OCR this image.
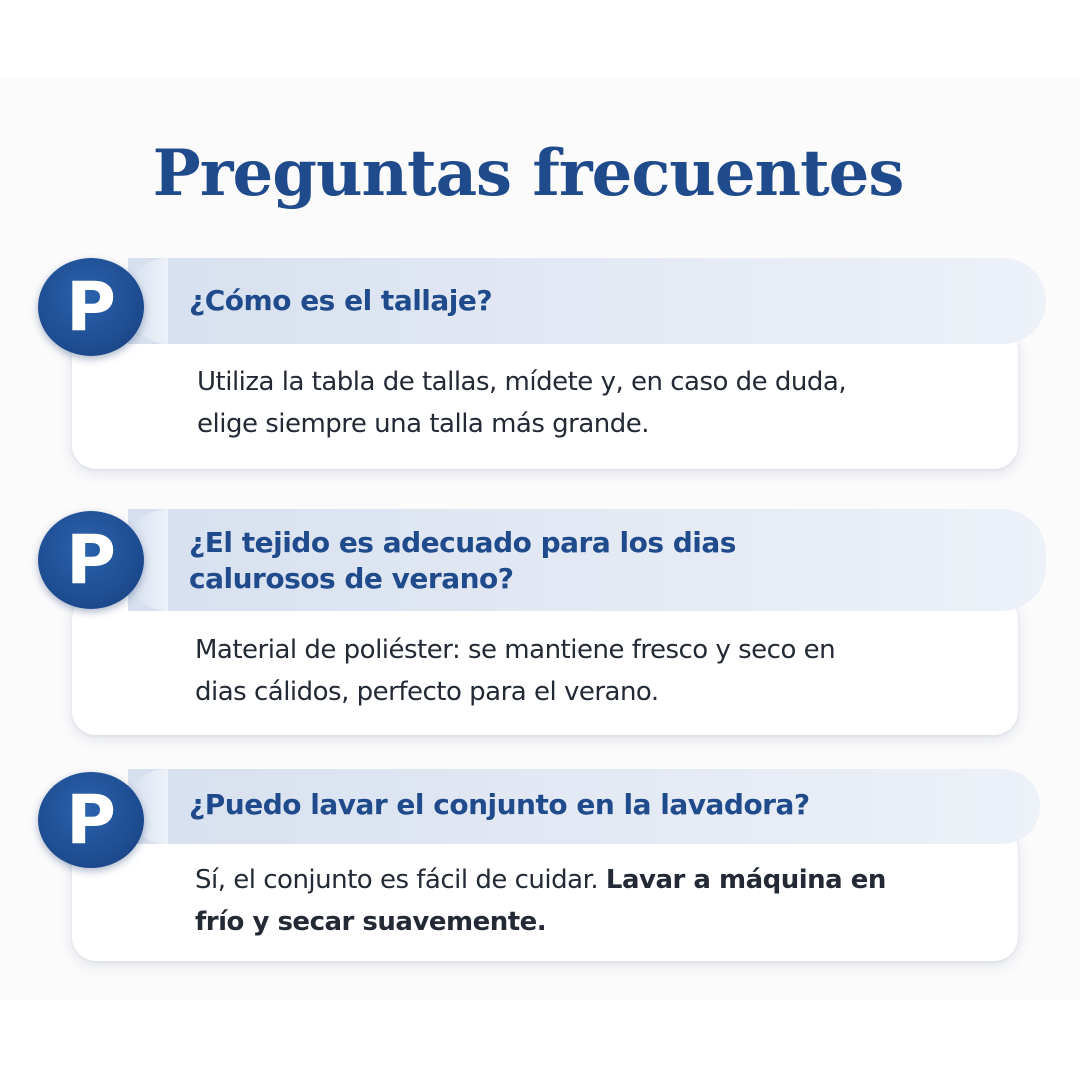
Preguntas frecuentes
¿Cómo es el tallaje?
P
Utiliza la tabla de tallas, mídete y, en caso de duda,
elige siempre una talla más grande.
¿El tejido es adecuado para los dias
calurosos de verano?
P
Material de poliéster: se mantiene fresco y seco en
dias cálidos, perfecto para el verano.
¿Puedo lavar el conjunto en la lavadora?
P
Sí, el conjunto es fácil de cuidar. Lavar a máquina en
frío y secar suavemente.
